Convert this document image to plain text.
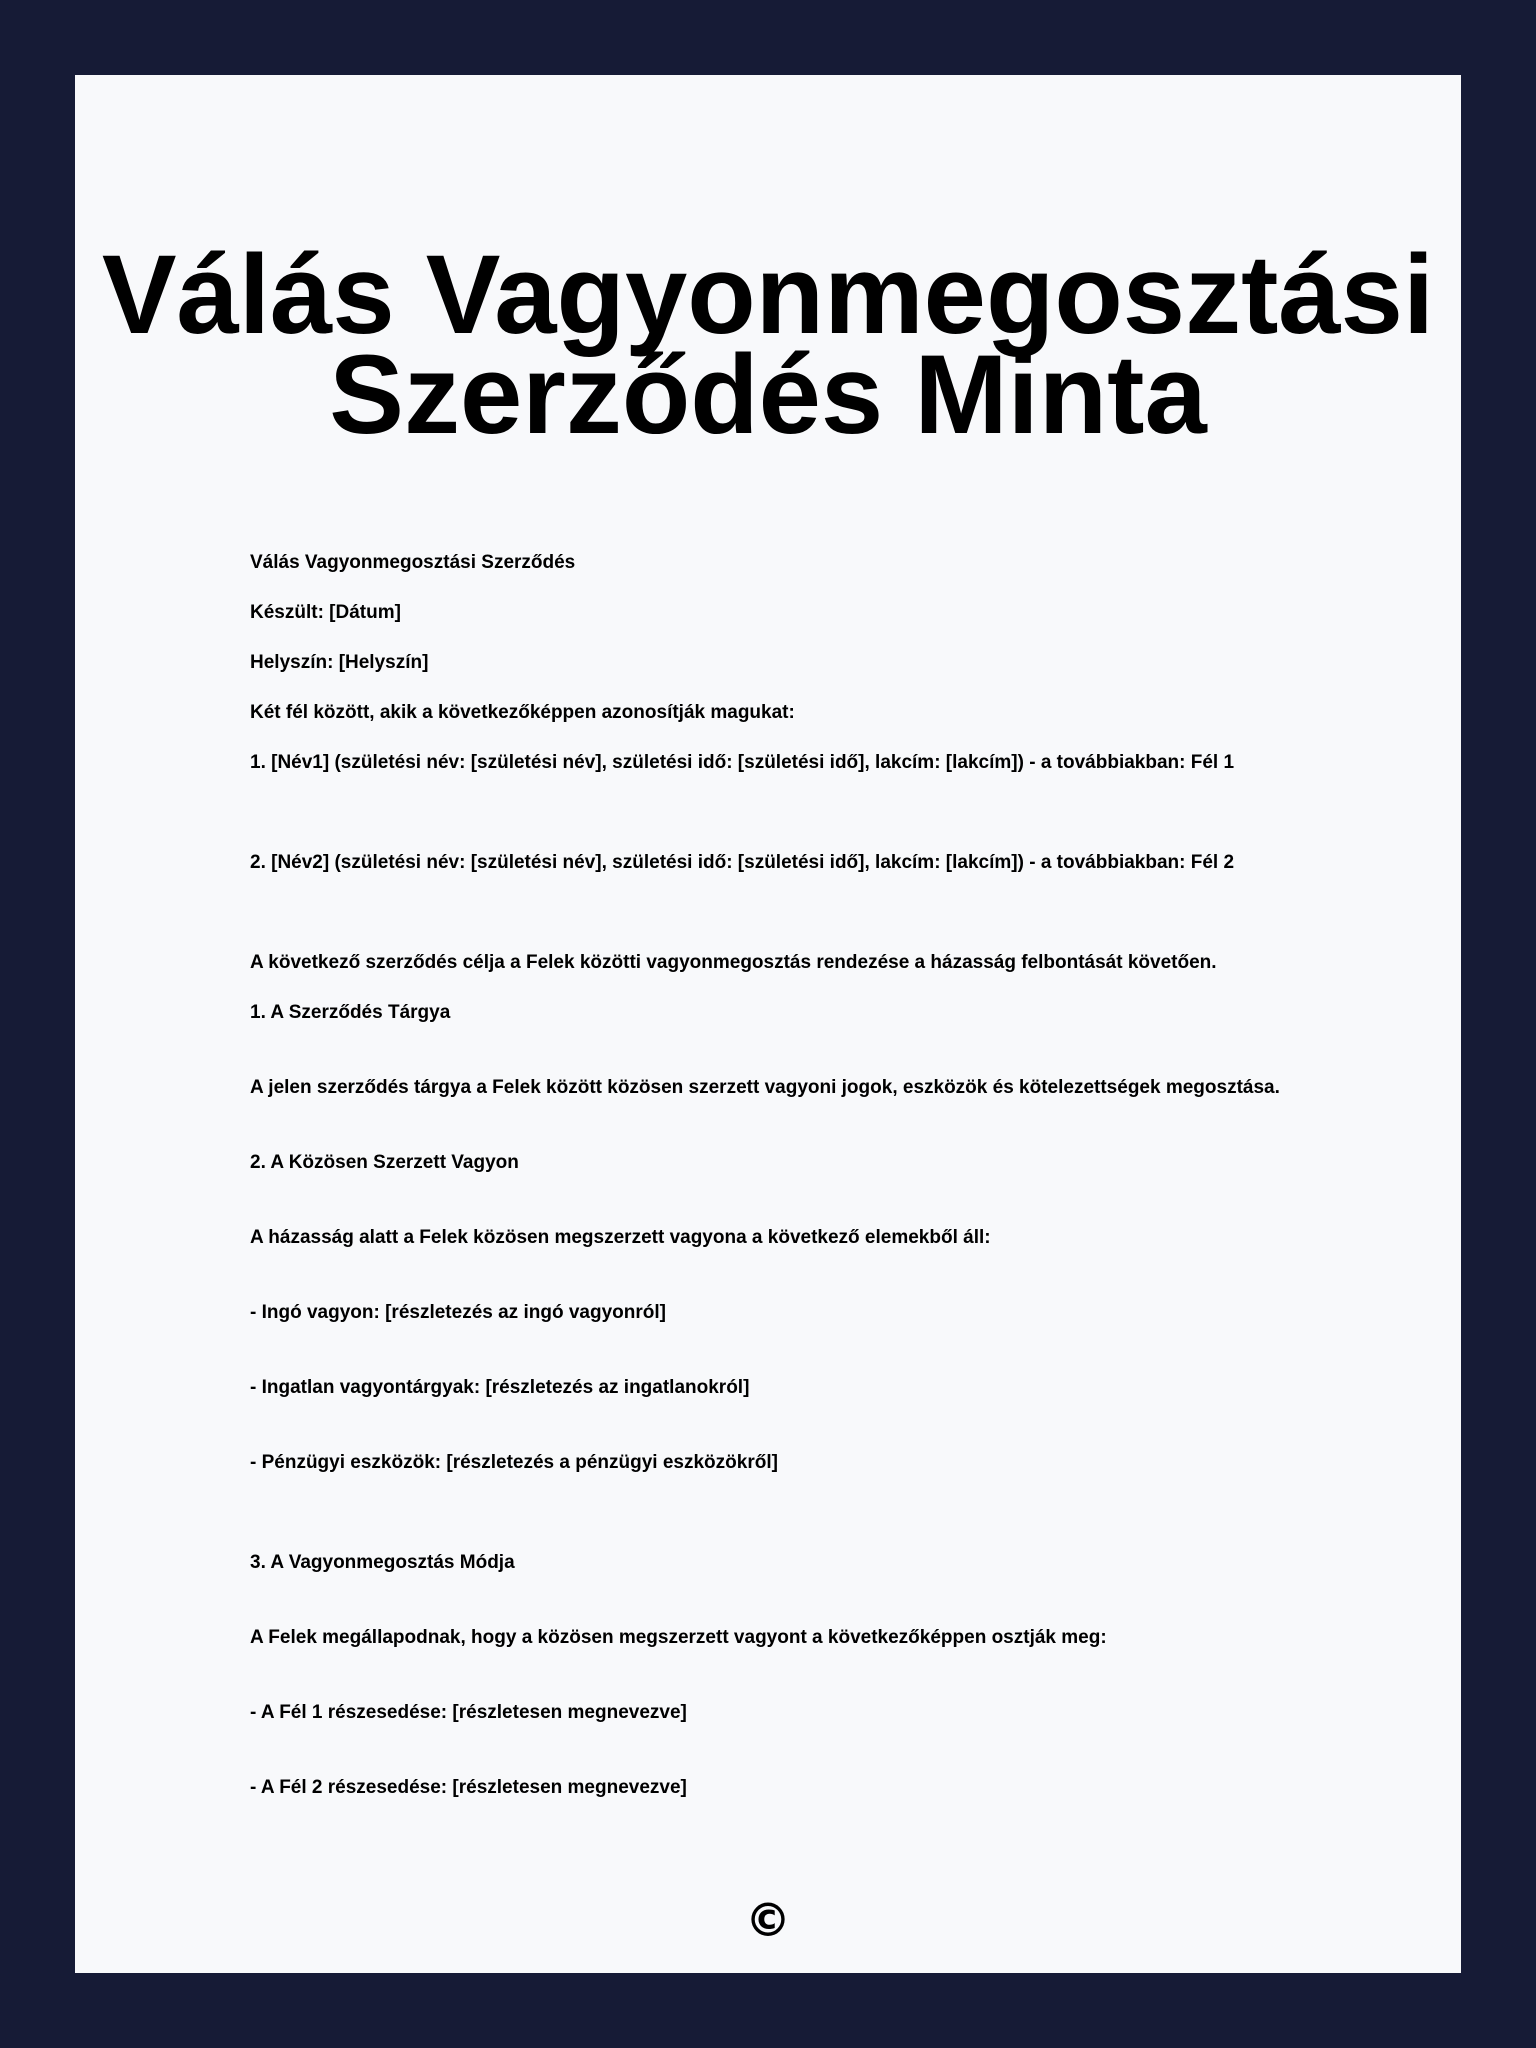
Válás Vagyonmegosztási
Szerződés Minta

Válás Vagyonmegosztási Szerződés

Készült: [Dátum]

Helyszín: [Helyszín]

Két fél között, akik a következőképpen azonosítják magukat:

1. [Név1] (születési név: [születési név], születési idő: [születési idő], lakcím: [lakcím]) - a továbbiakban: Fél 1

2. [Név2] (születési név: [születési név], születési idő: [születési idő], lakcím: [lakcím]) - a továbbiakban: Fél 2

A következő szerződés célja a Felek közötti vagyonmegosztás rendezése a házasság felbontását követően.

1. A Szerződés Tárgya

A jelen szerződés tárgya a Felek között közösen szerzett vagyoni jogok, eszközök és kötelezettségek megosztása.

2. A Közösen Szerzett Vagyon

A házasság alatt a Felek közösen megszerzett vagyona a következő elemekből áll:

- Ingó vagyon: [részletezés az ingó vagyonról]

- Ingatlan vagyontárgyak: [részletezés az ingatlanokról]

- Pénzügyi eszközök: [részletezés a pénzügyi eszközökről]

3. A Vagyonmegosztás Módja

A Felek megállapodnak, hogy a közösen megszerzett vagyont a következőképpen osztják meg:

- A Fél 1 részesedése: [részletesen megnevezve]

- A Fél 2 részesedése: [részletesen megnevezve]

©
